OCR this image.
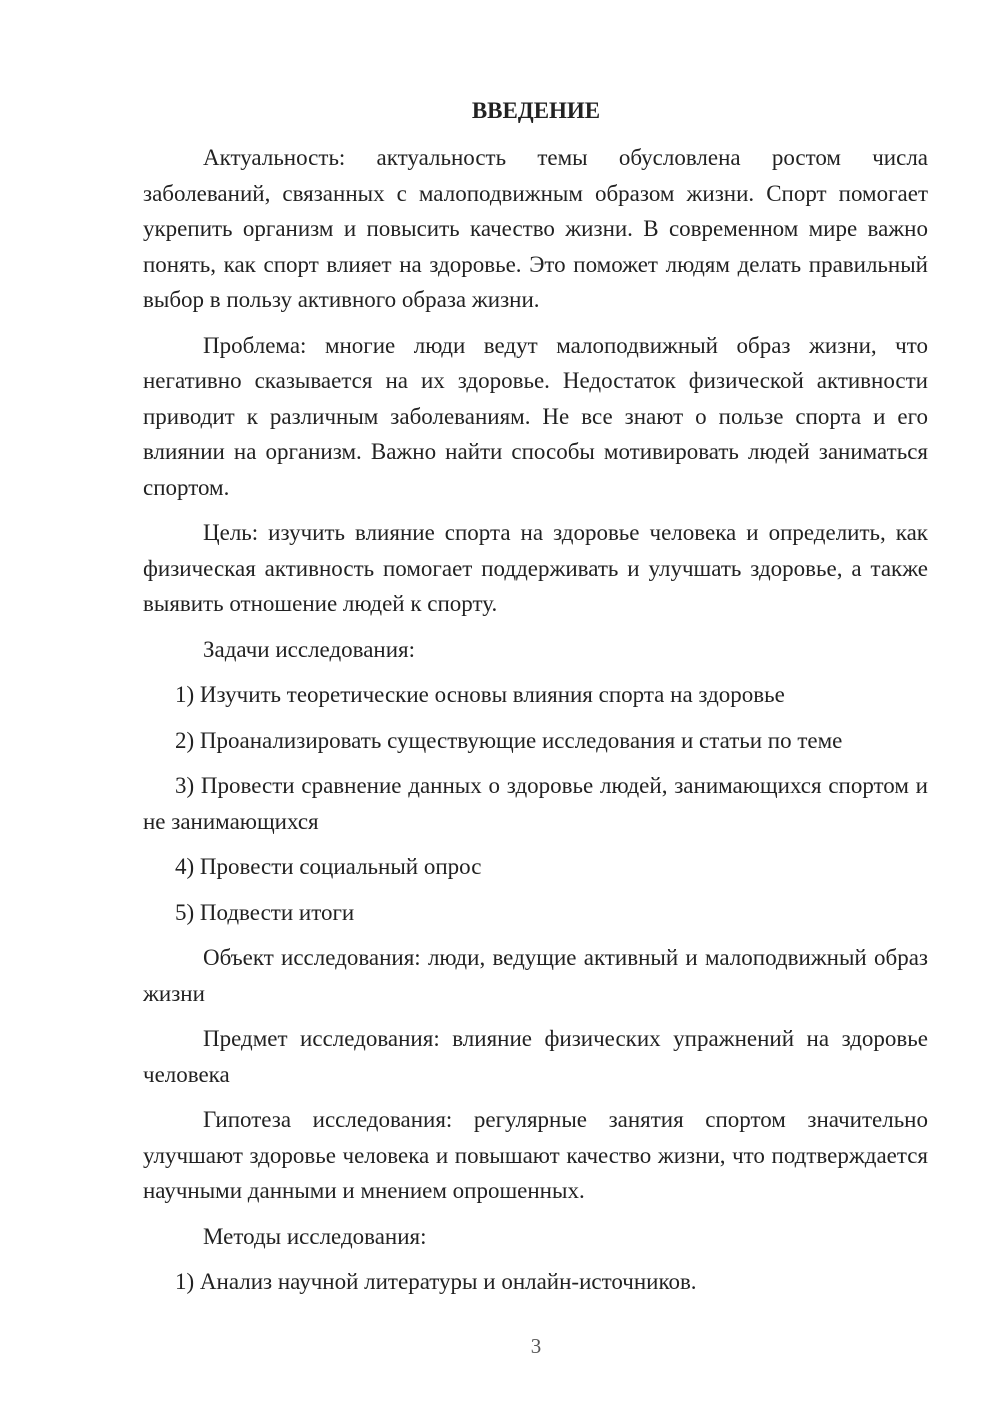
ВВЕДЕНИЕ

Актуальность: актуальность темы обусловлена ростом числа заболеваний, связанных с малоподвижным образом жизни. Спорт помогает укрепить организм и повысить качество жизни. В современном мире важно понять, как спорт влияет на здоровье. Это поможет людям делать правильный выбор в пользу активного образа жизни.

Проблема: многие люди ведут малоподвижный образ жизни, что негативно сказывается на их здоровье. Недостаток физической активности приводит к различным заболеваниям. Не все знают о пользе спорта и его влиянии на организм. Важно найти способы мотивировать людей заниматься спортом.

Цель: изучить влияние спорта на здоровье человека и определить, как физическая активность помогает поддерживать и улучшать здоровье, а также выявить отношение людей к спорту.

Задачи исследования:

1) Изучить теоретические основы влияния спорта на здоровье

2) Проанализировать существующие исследования и статьи по теме

3) Провести сравнение данных о здоровье людей, занимающихся спортом и не занимающихся

4) Провести социальный опрос

5) Подвести итоги

Объект исследования: люди, ведущие активный и малоподвижный образ жизни

Предмет исследования: влияние физических упражнений на здоровье человека

Гипотеза исследования: регулярные занятия спортом значительно улучшают здоровье человека и повышают качество жизни, что подтверждается научными данными и мнением опрошенных.

Методы исследования:

1) Анализ научной литературы и онлайн-источников.

3
